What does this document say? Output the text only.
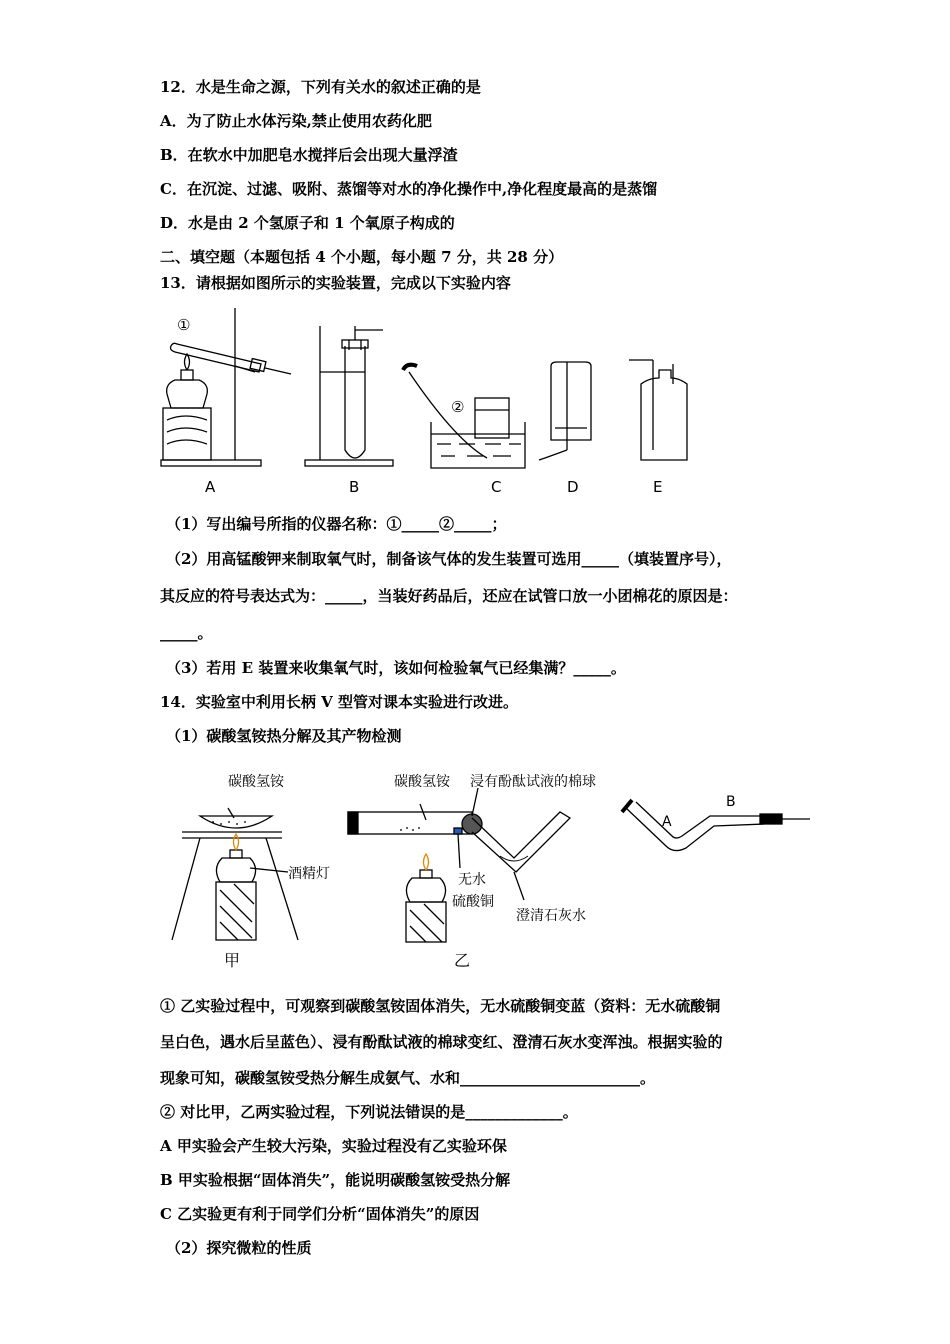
12．水是生命之源，下列有关水的叙述正确的是
A．为了防止水体污染,禁止使用农药化肥
B．在软水中加肥皂水搅拌后会出现大量浮渣
C．在沉淀、过滤、吸附、蒸馏等对水的净化操作中,净化程度最高的是蒸馏
D．水是由 2 个氢原子和 1 个氧原子构成的
二、填空题（本题包括 4 个小题，每小题 7 分，共 28 分）
13．请根据如图所示的实验装置，完成以下实验内容
①
②
A	B	C	D	E
（1）写出编号所指的仪器名称：①_____②_____；
（2）用高锰酸钾来制取氧气时，制备该气体的发生装置可选用_____（填装置序号），
其反应的符号表达式为：_____，当装好药品后，还应在试管口放一小团棉花的原因是：
_____。
（3）若用 E 装置来收集氧气时，该如何检验氧气已经集满？_____。
14．实验室中利用长柄 V 型管对课本实验进行改进。
（1）碳酸氢铵热分解及其产物检测
碳酸氢铵
酒精灯
甲
碳酸氢铵 浸有酚酞试液的棉球
无水
硫酸铜
澄清石灰水
乙
A
B
① 乙实验过程中，可观察到碳酸氢铵固体消失，无水硫酸铜变蓝（资料：无水硫酸铜
呈白色，遇水后呈蓝色）、浸有酚酞试液的棉球变红、澄清石灰水变浑浊。根据实验的
现象可知，碳酸氢铵受热分解生成氨气、水和________________________。
② 对比甲，乙两实验过程，下列说法错误的是_____________。
A 甲实验会产生较大污染，实验过程没有乙实验环保
B 甲实验根据“固体消失”，能说明碳酸氢铵受热分解
C 乙实验更有利于同学们分析“固体消失”的原因
（2）探究微粒的性质
